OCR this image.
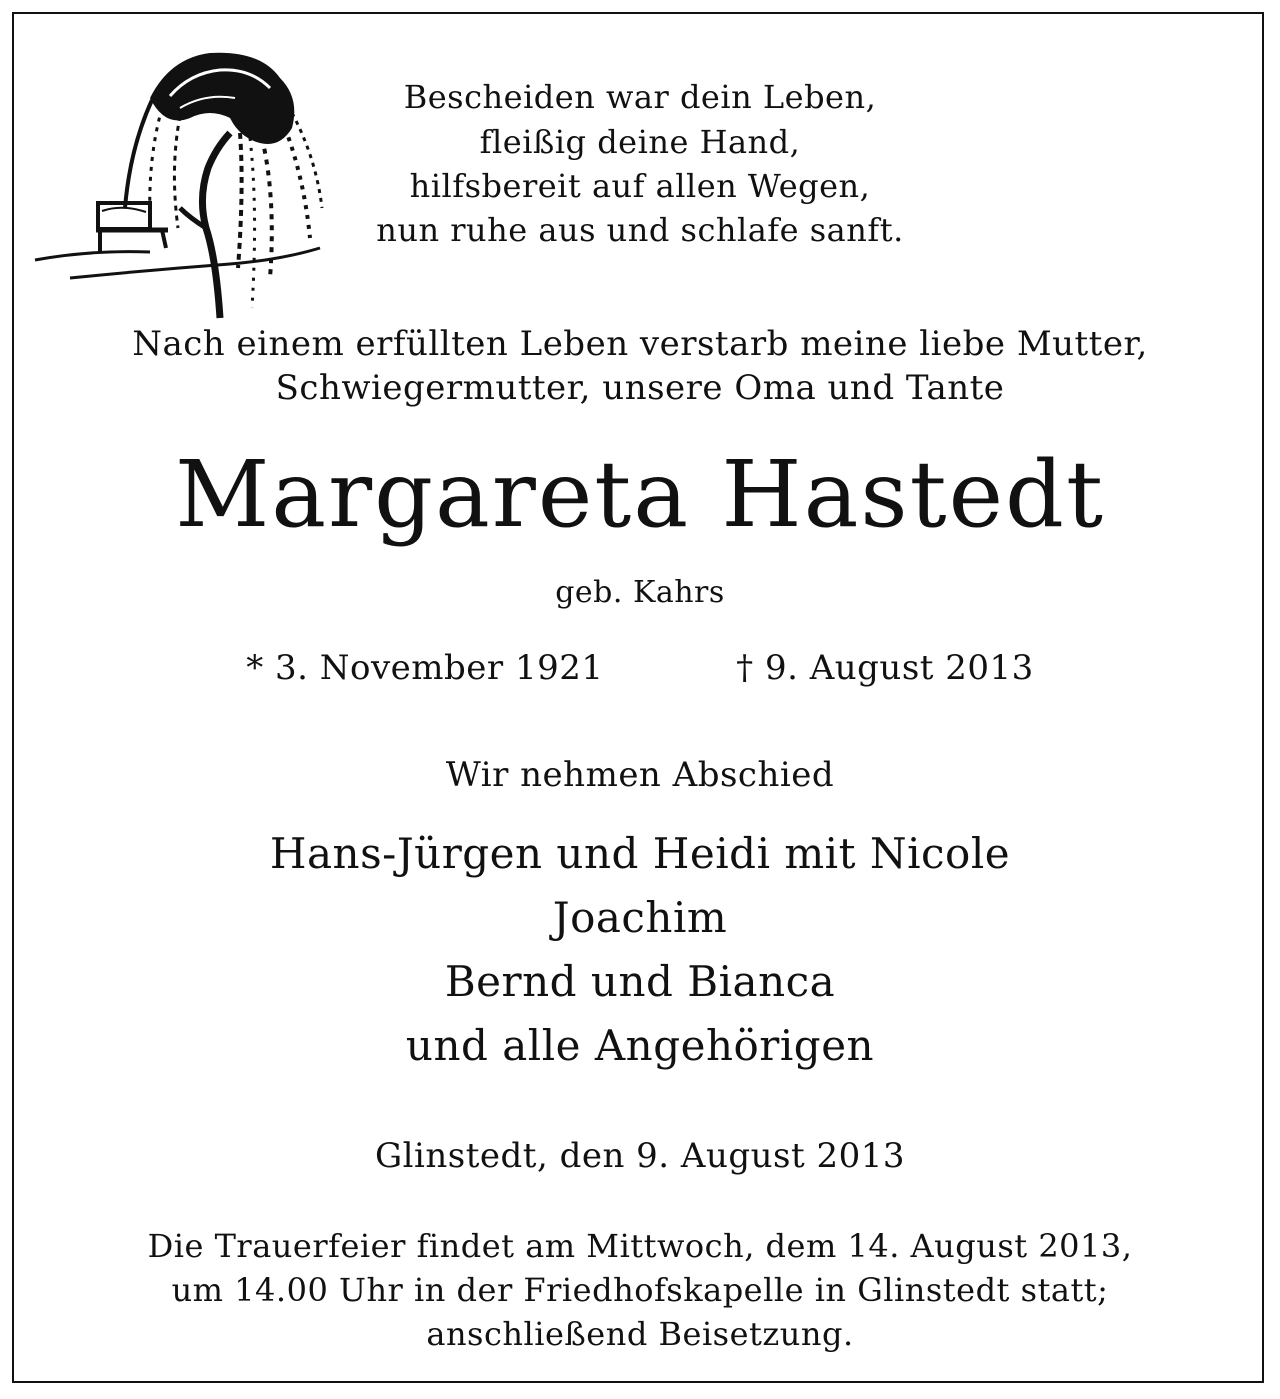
Bescheiden war dein Leben,
fleißig deine Hand,
hilfsbereit auf allen Wegen,
nun ruhe aus und schlafe sanft.
Nach einem erfüllten Leben verstarb meine liebe Mutter,
Schwiegermutter, unsere Oma und Tante
Margareta Hastedt
geb. Kahrs
* 3. November 1921	† 9. August 2013
Wir nehmen Abschied
Hans-Jürgen und Heidi mit Nicole
Joachim
Bernd und Bianca
und alle Angehörigen
Glinstedt, den 9. August 2013
Die Trauerfeier findet am Mittwoch, dem 14. August 2013,
um 14.00 Uhr in der Friedhofskapelle in Glinstedt statt;
anschließend Beisetzung.
